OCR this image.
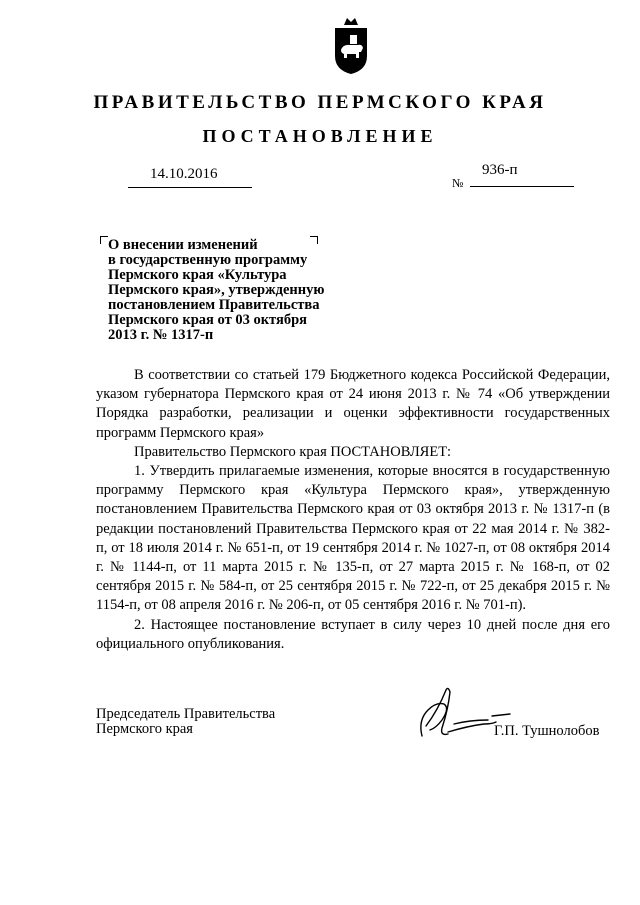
ПРАВИТЕЛЬСТВО ПЕРМСКОГО КРАЯ
ПОСТАНОВЛЕНИЕ
14.10.2016
№
936-п
О внесении изменений
в государственную программу
Пермского края «Культура
Пермского края», утвержденную
постановлением Правительства
Пермского края от 03 октября
2013 г. № 1317-п

В соответствии со статьей 179 Бюджетного кодекса Российской Федерации, указом губернатора Пермского края от 24 июня 2013 г. № 74 «Об утверждении Порядка разработки, реализации и оценки эффективности государственных программ Пермского края»

Правительство Пермского края ПОСТАНОВЛЯЕТ:

1. Утвердить прилагаемые изменения, которые вносятся в государственную программу Пермского края «Культура Пермского края», утвержденную постановлением Правительства Пермского края от 03 октября 2013 г. № 1317-п (в редакции постановлений Правительства Пермского края от 22 мая 2014 г. № 382-п, от 18 июля 2014 г. № 651-п, от 19 сентября 2014 г. № 1027-п, от 08 октября 2014 г. № 1144-п, от 11 марта 2015 г. № 135-п, от 27 марта 2015 г. № 168-п, от 02 сентября 2015 г. № 584-п, от 25 сентября 2015 г. № 722-п, от 25 декабря 2015 г. № 1154-п, от 08 апреля 2016 г. № 206-п, от 05 сентября 2016 г. № 701-п).

2. Настоящее постановление вступает в силу через 10 дней после дня его официального опубликования.

Председатель Правительства
Пермского края	Г.П. Тушнолобов
